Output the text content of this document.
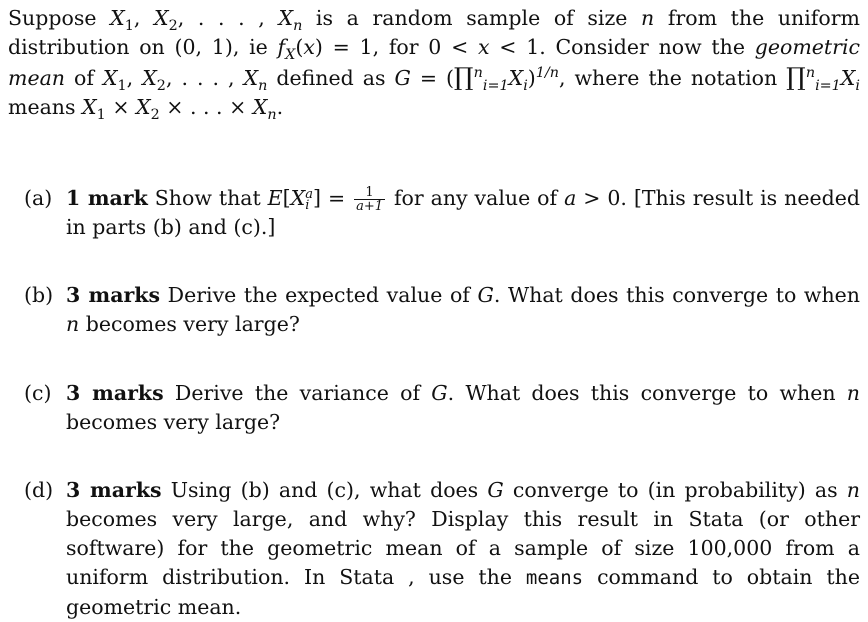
Suppose $X_1$, $X_2$, . . . , $X_n$ is a random sample of size n from the uniform distribution on (0, 1), ie $f_X(x) = 1$, for 0 < x < 1. Consider now the geometric mean of $X_1$, $X_2$, . . . , $X_n$ defined as $G = (\prod^n_{i=1}X_i)^{1/n}$, where the notation $\prod^n_{i=1}X_i$ means $X_1 \times X_2$ × . . . × $X_n$.

(a) 1 mark Show that E[X a
i ] = $\frac{1}{a+1}$ for any value of a > 0. [This result is needed in parts (b) and (c).]
(b) 3 marks Derive the expected value of G. What does this converge to when n becomes very large?
(c) 3 marks Derive the variance of G. What does this converge to when n becomes very large?
(d) 3 marks Using (b) and (c), what does G converge to (in probability) as n becomes very large, and why? Display this result in Stata (or other software) for the geometric mean of a sample of size 100,000 from a uniform distribution. In Stata , use the means command to obtain the geometric mean.
